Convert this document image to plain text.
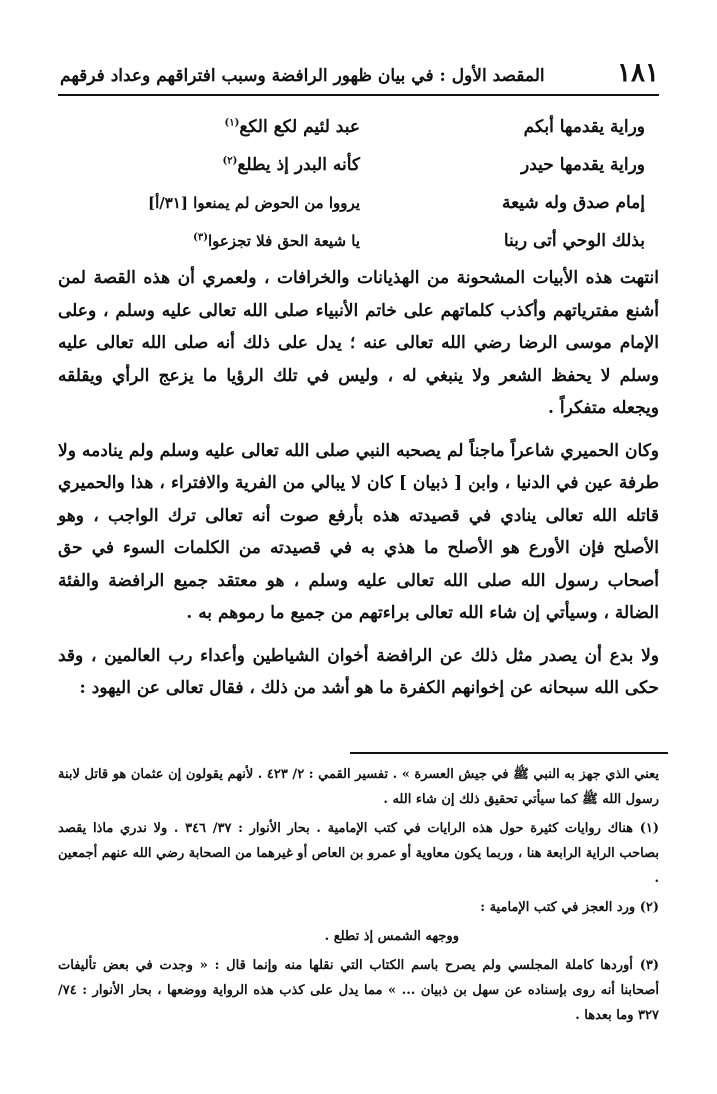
١٨١
المقصد الأول : في بيان ظهور الرافضة وسبب افتراقهم وعداد فرقهم
وراية يقدمها أبكم
عبد لئيم لكع الكع$^{(١)}$
وراية يقدمها حيدر
كأنه البدر إذ يطلع$^{(٢)}$
إمام صدق وله شيعة
يرووا من الحوض لم يمنعوا [٣١/أ]
بذلك الوحي أتى ربنا
يا شيعة الحق فلا تجزعوا$^{(٣)}$

انتهت هذه الأبيات المشحونة من الهذيانات والخرافات ، ولعمري أن هذه القصة لمن أشنع مفترياتهم وأكذب كلماتهم على خاتم الأنبياء صلى الله تعالى عليه وسلم ، وعلى الإمام موسى الرضا رضي الله تعالى عنه ؛ يدل على ذلك أنه صلى الله تعالى عليه وسلم لا يحفظ الشعر ولا ينبغي له ، وليس في تلك الرؤيا ما يزعج الرأي ويقلقه ويجعله متفكراً .

وكان الحميري شاعراً ماجناً لم يصحبه النبي صلى الله تعالى عليه وسلم ولم ينادمه ولا طرفة عين في الدنيا ، وابن [ ذبيان ] كان لا يبالي من الفرية والافتراء ، هذا والحميري قاتله الله تعالى ينادي في قصيدته هذه بأرفع صوت أنه تعالى ترك الواجب ، وهو الأصلح فإن الأورع هو الأصلح ما هذي به في قصيدته من الكلمات السوء في حق أصحاب رسول الله صلى الله تعالى عليه وسلم ، هو معتقد جميع الرافضة والفئة الضالة ، وسيأتي إن شاء الله تعالى براءتهم من جميع ما رموهم به .

ولا بدع أن يصدر مثل ذلك عن الرافضة أخوان الشياطين وأعداء رب العالمين ، وقد حكى الله سبحانه عن إخوانهم الكفرة ما هو أشد من ذلك ، فقال تعالى عن اليهود :

يعني الذي جهز به النبي ﷺ في جيش العسرة » . تفسير القمي : ٢/ ٤٢٣ . لأنهم يقولون إن عثمان هو قاتل لابنة رسول الله ﷺ كما سيأتي تحقيق ذلك إن شاء الله .

(١) هناك روايات كثيرة حول هذه الرايات في كتب الإمامية . بحار الأنوار : ٣٧/ ٣٤٦ . ولا ندري ماذا يقصد بصاحب الراية الرابعة هنا ، وربما يكون معاوية أو عمرو بن العاص أو غيرهما من الصحابة رضي الله عنهم أجمعين .

(٢) ورد العجز في كتب الإمامية :

ووجهه الشمس إذ تطلع .

(٣) أوردها كاملة المجلسي ولم يصرح باسم الكتاب التي نقلها منه وإنما قال : « وجدت في بعض تأليفات أصحابنا أنه روى بإسناده عن سهل بن ذبيان ... » مما يدل على كذب هذه الرواية ووضعها ، بحار الأنوار : ٧٤/ ٣٢٧ وما بعدها .
